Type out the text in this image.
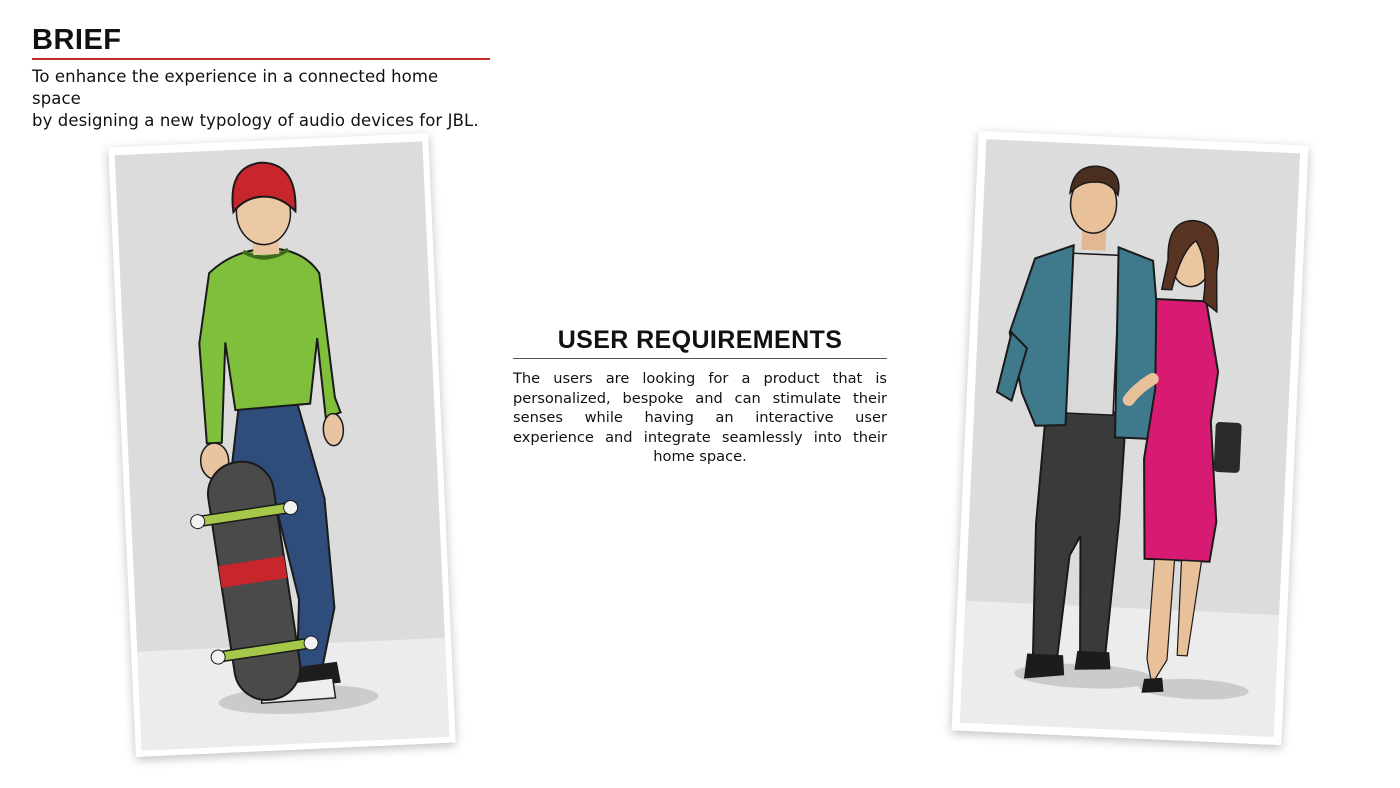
BRIEF
To enhance the experience in a connected home space
by designing a new typology of audio devices for JBL.
USER REQUIREMENTS
The users are looking for a product that is personalized, bespoke and can stimulate their senses while having an interactive user experience and integrate seamlessly into their home space.
